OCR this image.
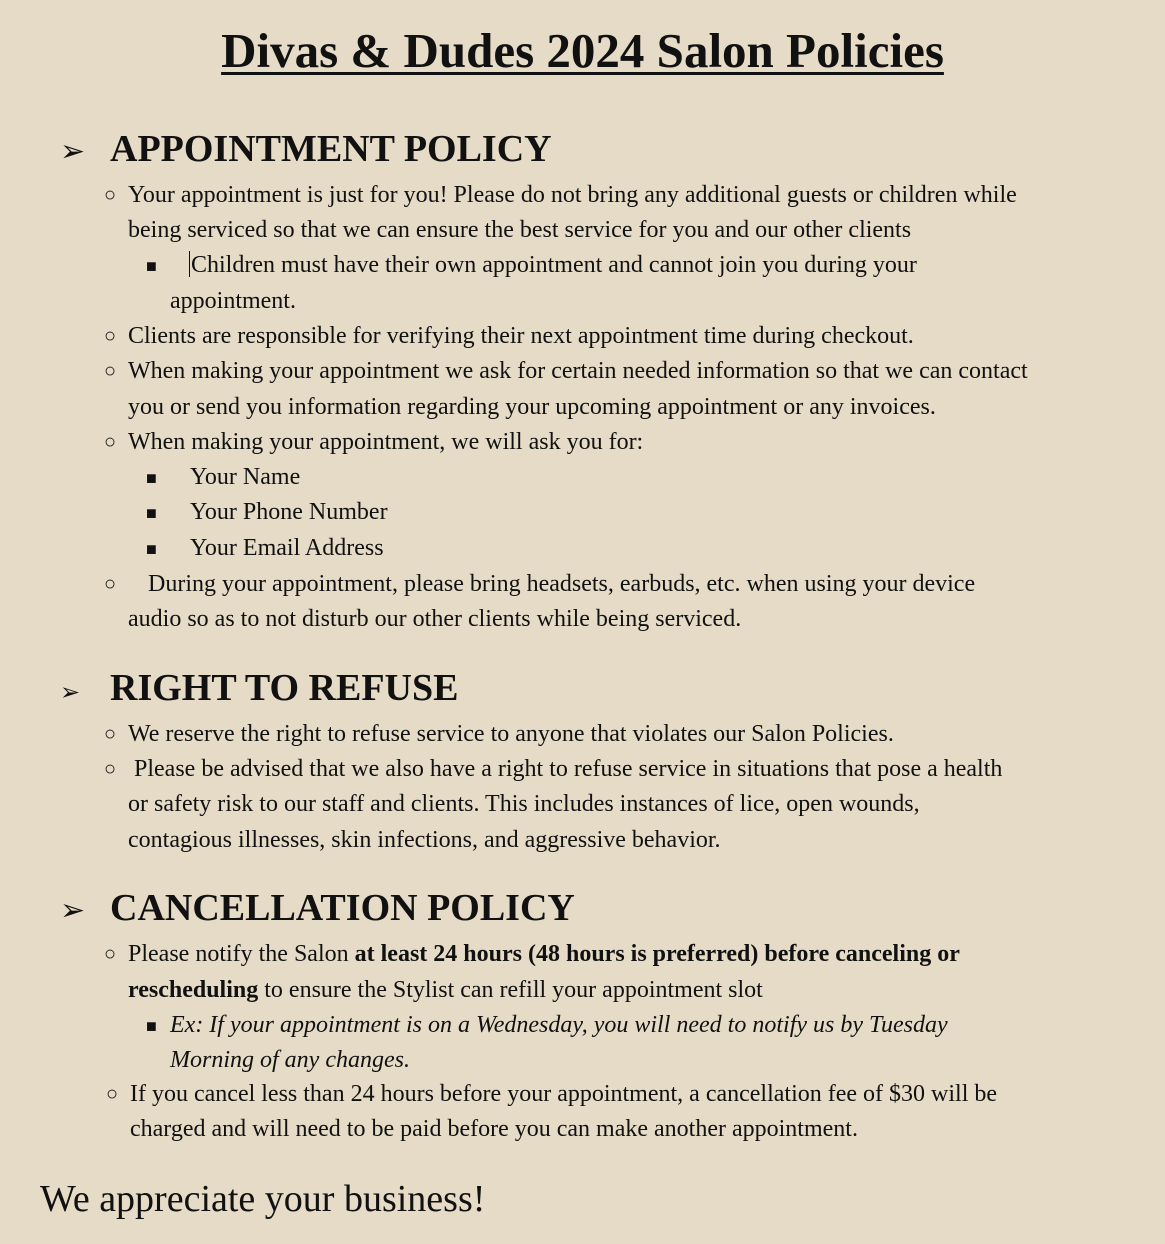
Divas & Dudes 2024 Salon Policies
➢ APPOINTMENT POLICY
○ Your appointment is just for you! Please do not bring any additional guests or children while
being serviced so that we can ensure the best service for you and our other clients
■ Children must have their own appointment and cannot join you during your
appointment.
○ Clients are responsible for verifying their next appointment time during checkout.
○ When making your appointment we ask for certain needed information so that we can contact
you or send you information regarding your upcoming appointment or any invoices.
○ When making your appointment, we will ask you for:
■ Your Name
■ Your Phone Number
■ Your Email Address
○ During your appointment, please bring headsets, earbuds, etc. when using your device
audio so as to not disturb our other clients while being serviced.
➢ RIGHT TO REFUSE
○ We reserve the right to refuse service to anyone that violates our Salon Policies.
○ Please be advised that we also have a right to refuse service in situations that pose a health
or safety risk to our staff and clients. This includes instances of lice, open wounds,
contagious illnesses, skin infections, and aggressive behavior.
➢ CANCELLATION POLICY
○ Please notify the Salon at least 24 hours (48 hours is preferred) before canceling or
rescheduling to ensure the Stylist can refill your appointment slot
■ Ex: If your appointment is on a Wednesday, you will need to notify us by Tuesday
Morning of any changes.
○ If you cancel less than 24 hours before your appointment, a cancellation fee of $30 will be
charged and will need to be paid before you can make another appointment.
We appreciate your business!
